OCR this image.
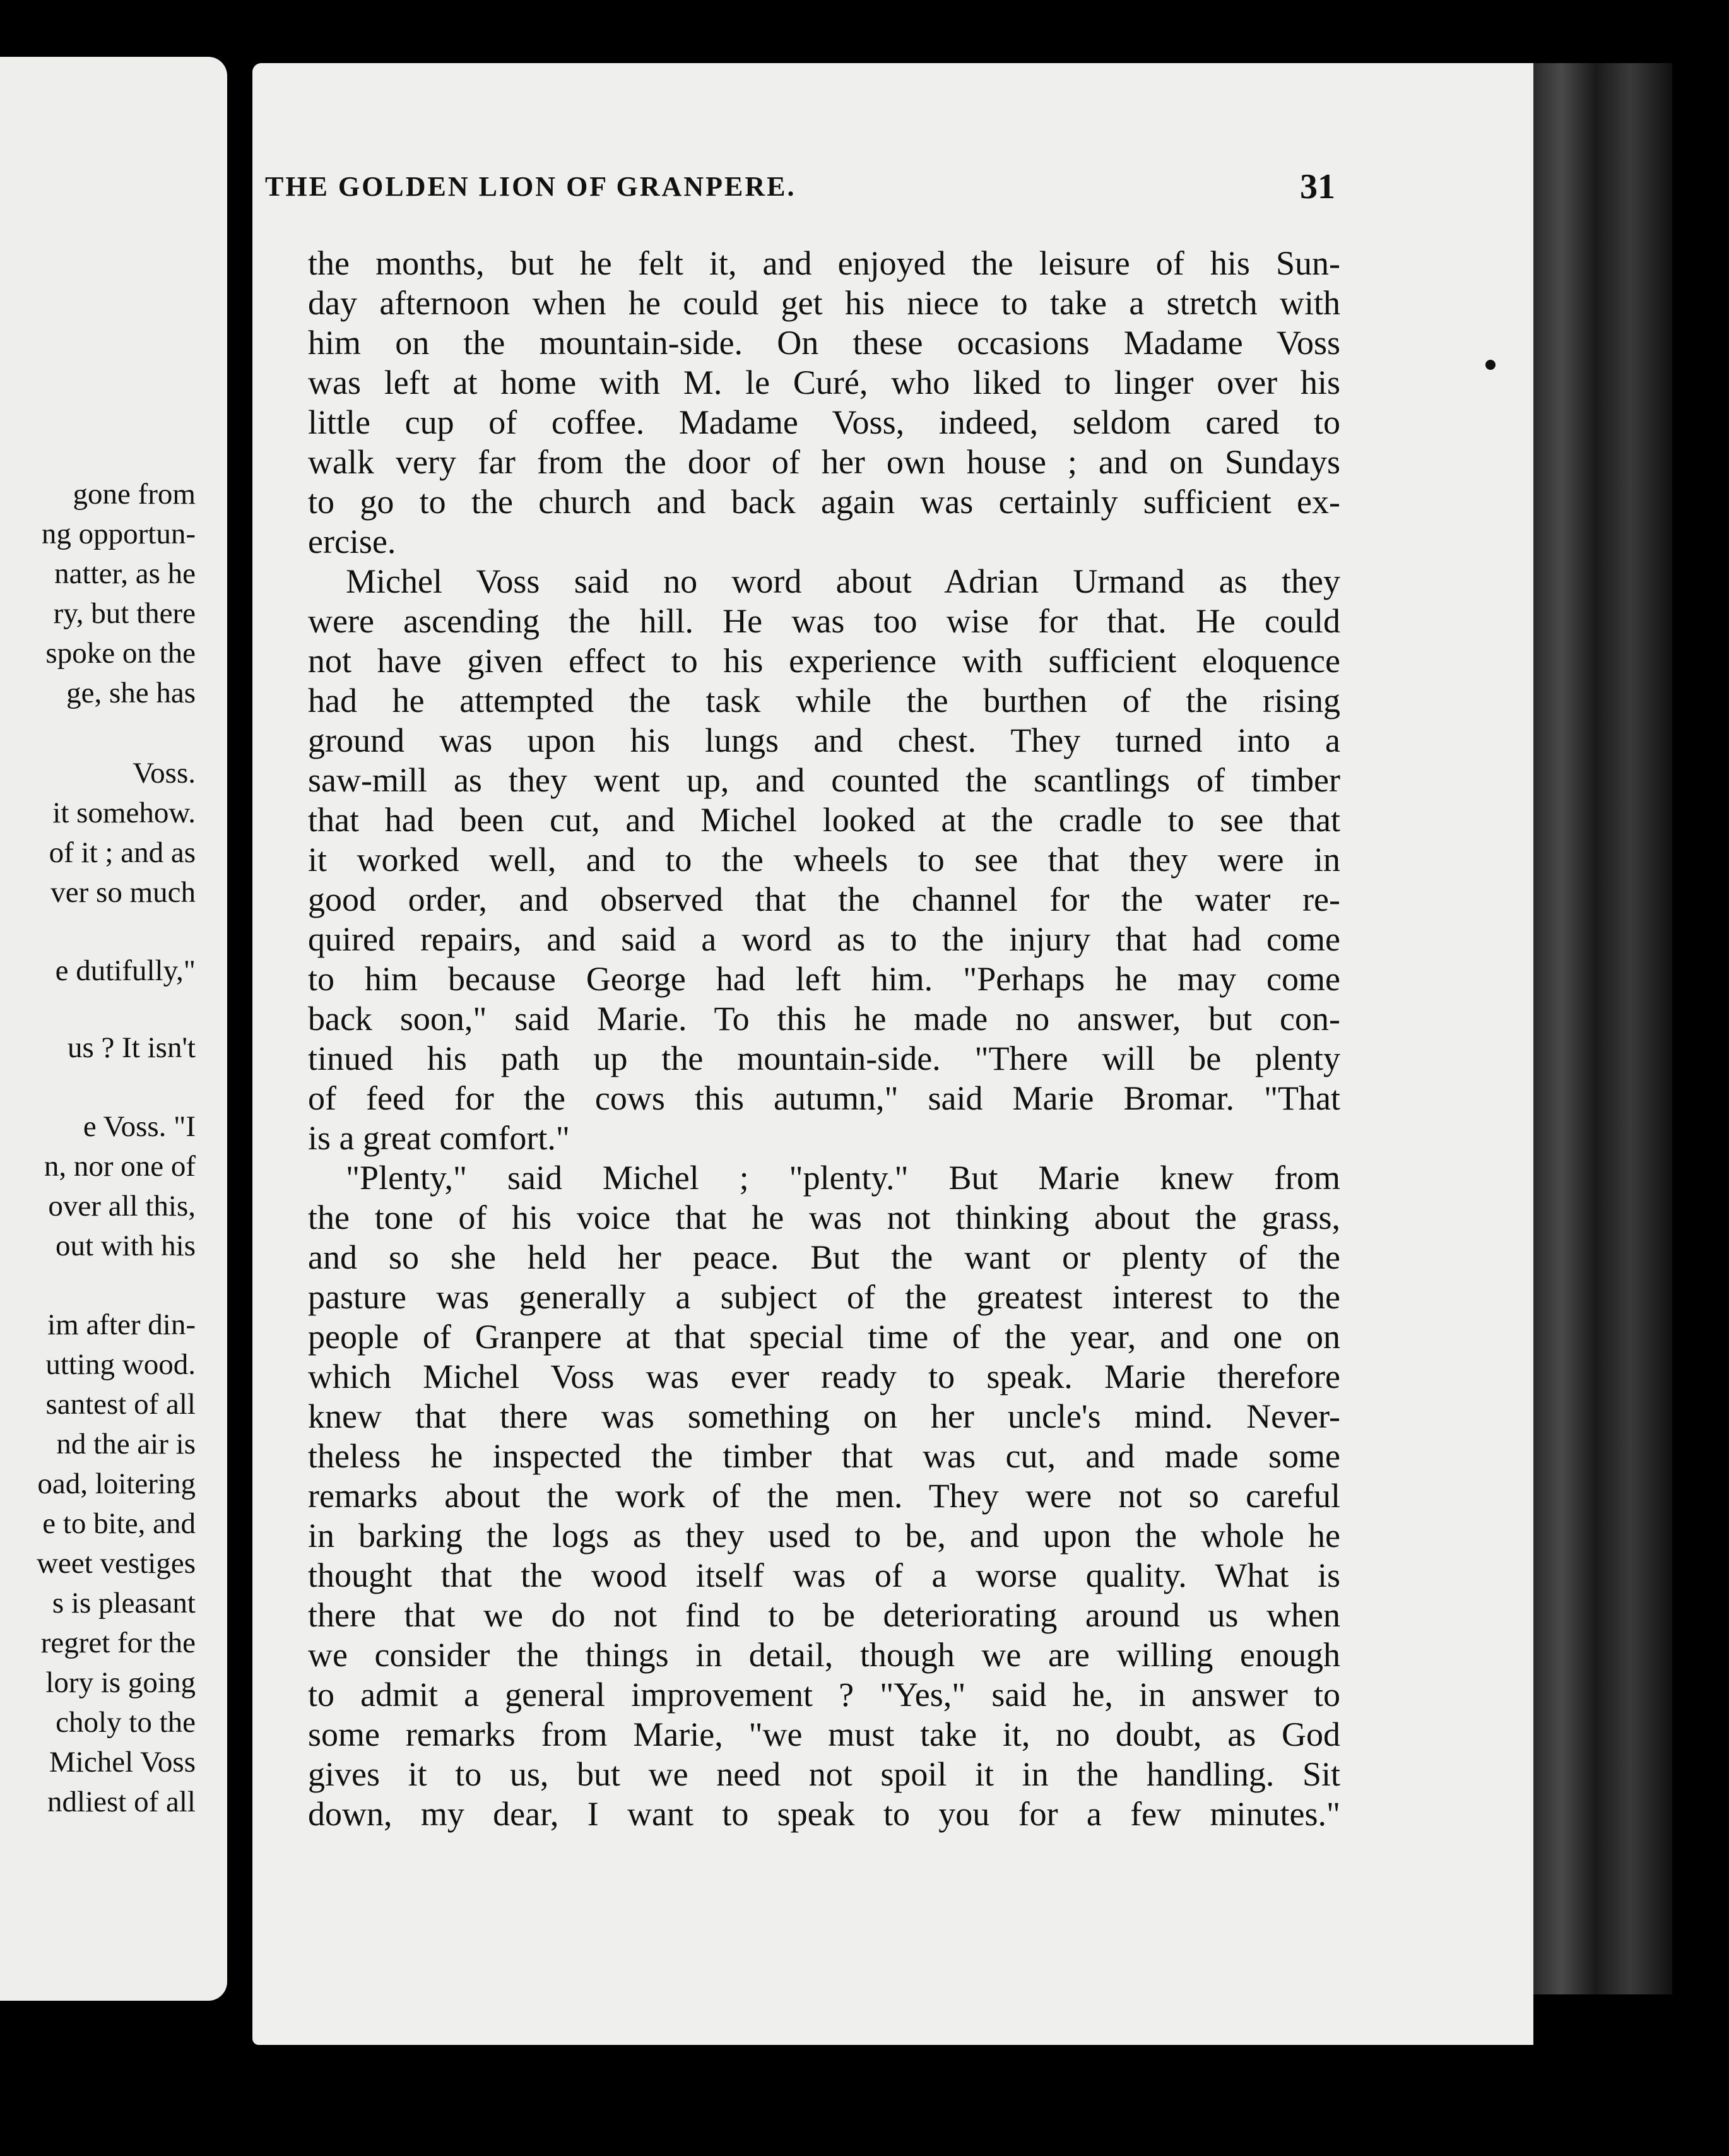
gone from
ng opportun-
natter, as he
ry, but there
spoke on the
ge, she has
Voss.
it somehow.
of it ; and as
ver so much
e dutifully,"
us ? It isn't
e Voss. "I
n, nor one of
over all this,
out with his
im after din-
utting wood.
santest of all
nd the air is
oad, loitering
e to bite, and
weet vestiges
s is pleasant
regret for the
lory is going
choly to the
Michel Voss
ndliest of all
THE GOLDEN LION OF GRANPERE.	31
the months, but he felt it, and enjoyed the leisure of his Sun-
day afternoon when he could get his niece to take a stretch with
him on the mountain-side. On these occasions Madame Voss
was left at home with M. le Curé, who liked to linger over his
little cup of coffee. Madame Voss, indeed, seldom cared to
walk very far from the door of her own house ; and on Sundays
to go to the church and back again was certainly sufficient ex-
ercise.
Michel Voss said no word about Adrian Urmand as they
were ascending the hill. He was too wise for that. He could
not have given effect to his experience with sufficient eloquence
had he attempted the task while the burthen of the rising
ground was upon his lungs and chest. They turned into a
saw-mill as they went up, and counted the scantlings of timber
that had been cut, and Michel looked at the cradle to see that
it worked well, and to the wheels to see that they were in
good order, and observed that the channel for the water re-
quired repairs, and said a word as to the injury that had come
to him because George had left him. "Perhaps he may come
back soon," said Marie. To this he made no answer, but con-
tinued his path up the mountain-side. "There will be plenty
of feed for the cows this autumn," said Marie Bromar. "That
is a great comfort."
"Plenty," said Michel ; "plenty." But Marie knew from
the tone of his voice that he was not thinking about the grass,
and so she held her peace. But the want or plenty of the
pasture was generally a subject of the greatest interest to the
people of Granpere at that special time of the year, and one on
which Michel Voss was ever ready to speak. Marie therefore
knew that there was something on her uncle's mind. Never-
theless he inspected the timber that was cut, and made some
remarks about the work of the men. They were not so careful
in barking the logs as they used to be, and upon the whole he
thought that the wood itself was of a worse quality. What is
there that we do not find to be deteriorating around us when
we consider the things in detail, though we are willing enough
to admit a general improvement ? "Yes," said he, in answer to
some remarks from Marie, "we must take it, no doubt, as God
gives it to us, but we need not spoil it in the handling. Sit
down, my dear, I want to speak to you for a few minutes."
